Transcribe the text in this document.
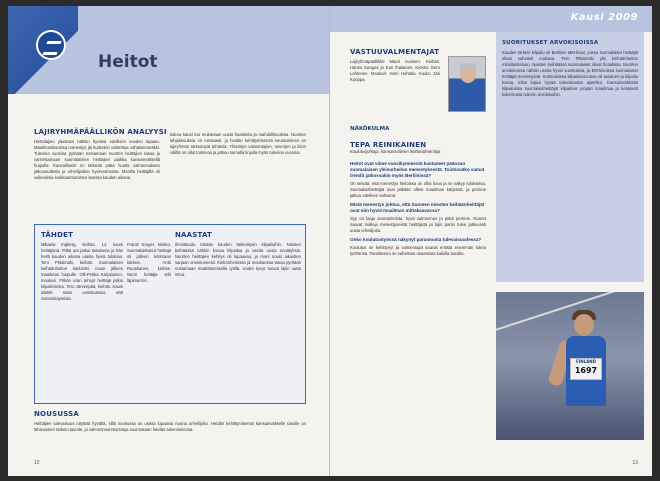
Heitot
LAJIRYHMÄPÄÄLLIKÖN ANALYYSI
Heittolajien yleistaso nähtiin hyvänä edellisen vuoden tapaan. Maailmankisoissa menestys jäi kuitenkin odotettua vähäisemmäksi. Tulevina vuosina pyritään nostamaan nuorten heittäjien tasoa ja varmistamaan suomalaisten heittäjien paikka kansainvälisellä huipulla. Kansallisesti on tärkeää pitää huolta valmennuksen jatkuvuudesta ja urheilijoiden hyvinvoinnista. Monilla heittäjillä oli vaikeuksia loukkaantumisten kanssa kauden aikana.
tuleva kausi tuo mukanaan uusia haasteita ja mahdollisuuksia. Nuorten lahjakkuuksia on runsaasti, ja heidän kehittymisensä seuraaminen on lajiryhmän tärkeimpiä tehtäviä. Yhteistyö valmentajien, seurojen ja liiton välillä on ollut toimivaa ja jatkuu samalla linjalla myös tulevina vuosina.
TÄHDET
Mikaela Ingberg, keihäs, 14. kausi heittäjänä. Pitkä ura jatkui tasaisena ja hän heitti kauden aikana useita hyviä tuloksia. Tero Pitkämäki, keihäs. Suomalaisen keihäänheiton kärkinimi nousi jälleen maailman huipulle. Olli-Pekka Karjalainen, moukari. Pitkän uran tehnyt heittäjä jatkoi kilpailemista. Tero Järvenpää, keihäs. Kausi sisälsi sekä onnistumisia että vastoinkäymisiä.
Frantz Kruger, kiekko. Suomalaistunut heittäjä oli jälleen kotimaan kärkeä. Antti Ruuskanen, keihäs. Nuori heittäjä teki läpimurron.
NAASTAT
Ilmoittaudu tänään kauden tärkeimpiin kilpailuihin. Naisten keihäässä nähtiin kovaa kilpailua ja useita uusia ennätyksiä. Nuorten heittäjien kehitys oli lupaavaa, ja moni nousi aikuisten sarjaan onnistuneesti. Kiekonheitossa ja moukarissa tasoa pyritään nostamaan määrätietoisella työllä. Uudet kyvyt tuovat lajiin uutta intoa.
NOUSUSSA
Heittäjien tulevaisuus näyttää hyvältä, sillä nousussa on useita lupaavia nuoria urheilijoita. Heidän kehittymisensä kansainväliselle tasolle on lähivuosien tärkein tavoite, ja valmennusresursseja suunnataan heidän tukemiseensa.
12
Kausi 2009
VASTUUVALMENTAJAT
Lajiryhmäpäällikkö Mauri Auvinen. Keihäs: Hannu Kangas ja Kari Ihalainen. Kiekko: Eero Lehtonen. Moukari: Harri Huhtala. Kuula: Jari Kuoppa.
NÄKÖKULMA
TEPA REINIKAINEN
Koulutusjohtaja, kansainvälinen heittovalmentaja
Heitot ovat viime vuosikymmeniä kantaneet pääosan suomalaisen yleisurheilun menestyksestä. Toistuvatko samat trendit jatkossakin myös Berliinissä?
On selvää, että menestys heitoissa on ollut kova ja se näkyy tuloksissa. Suomalaisheittäjät ovat pitkään olleet maailman kärjessä, ja perinne jatkuu edelleen vahvana.
Mistä menestys johtuu, että Suomen miesten keihäänheittäjät ovat niin hyviä maailman mittakaavassa?
Syy on laaja seuratoiminta, hyvä valmennus ja pitkä perinne. Nuoret saavat malleja menestyneistä heittäjistä ja lajin pariin tulee jatkuvasti uusia urheilijoita.
Onko koulutustyössä näkynyt parannusta tulevaisuudessa?
Koulutus on kehittynyt ja valmentajat saavat entistä enemmän tukea työhönsä. Tavoitteena on vahvistaa osaamista kaikilla tasoilla.
SUORITUKSET ARVOKISOISSA
Kauden tärkein kilpailu oli Berliinin MM-kisat, joissa suomalaiset heittäjät olivat vahvasti mukana. Tero Pitkämäki ylsi keihäänheiton mitalitaisteluun. Naisten keihäässä suomalaiset olivat finaalissa. Nuorten arvokisoissa nähtiin useita hyviä suorituksia, ja EM-kisoissa suomalaiset heittäjät menestyivät. Kotimaisissa kilpailuissa taso oli tasainen ja kilpailu kovaa, mikä lupaa hyvää tulevaisuutta ajatellen. Kansainvälisissä kilpailuissa suomalaisheittäjät kilpailivat ympäri maailmaa ja keräsivät kokemusta tuleviin arvokisoihin.
FINLAND
1697
13
